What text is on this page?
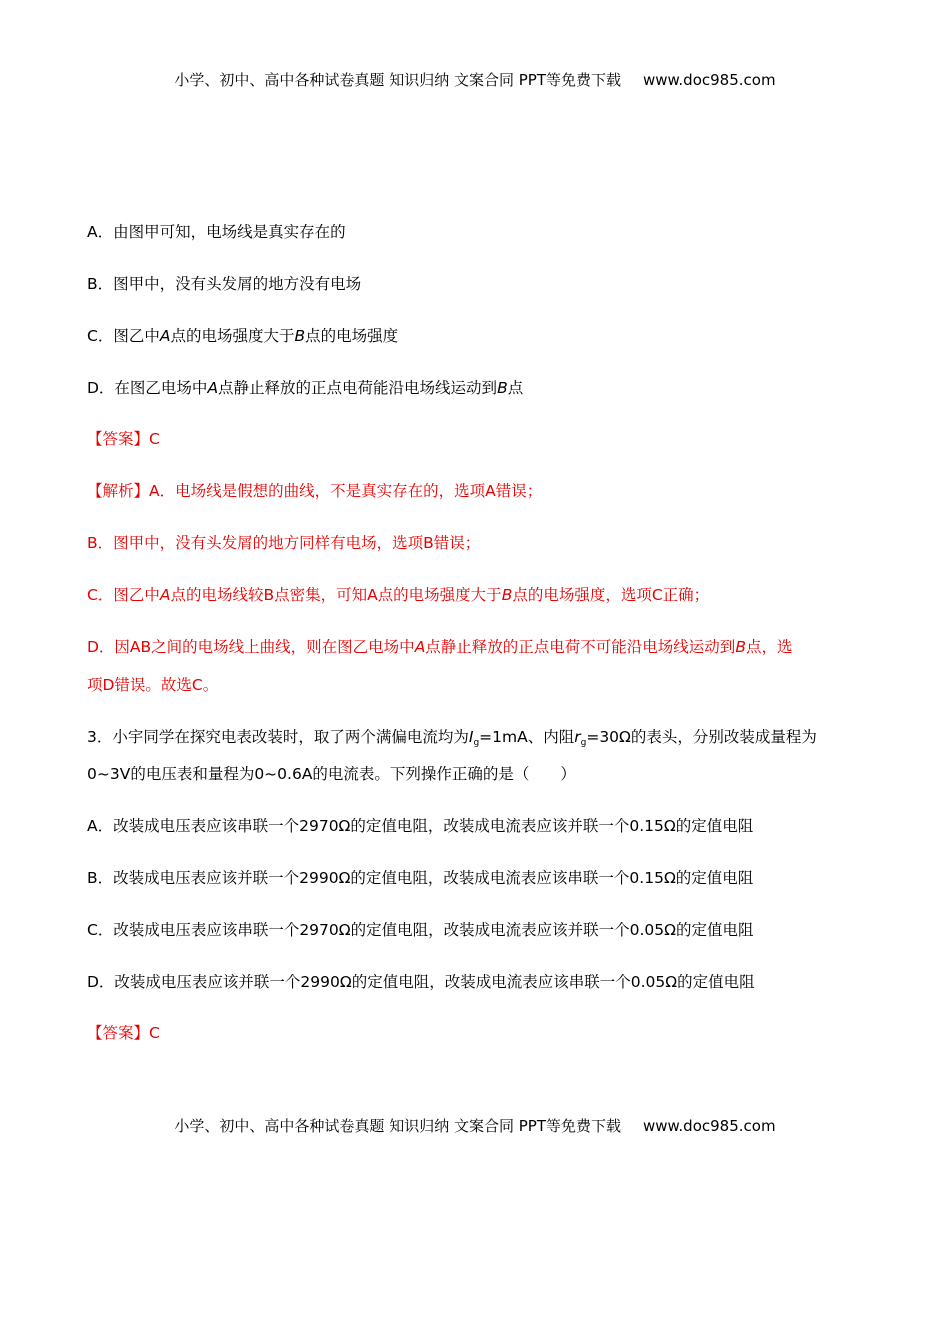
小学、初中、高中各种试卷真题 知识归纳 文案合同 PPT等免费下载 www.doc985.com
A．由图甲可知，电场线是真实存在的
B．图甲中，没有头发屑的地方没有电场
C．图乙中A点的电场强度大于B点的电场强度
D．在图乙电场中A点静止释放的正点电荷能沿电场线运动到B点
【答案】C
【解析】A．电场线是假想的曲线，不是真实存在的，选项A错误；
B．图甲中，没有头发屑的地方同样有电场，选项B错误；
C．图乙中A点的电场线较B点密集，可知A点的电场强度大于B点的电场强度，选项C正确；
D．因AB之间的电场线上曲线，则在图乙电场中A点静止释放的正点电荷不可能沿电场线运动到B点，选
项D错误。故选C。
3．小宇同学在探究电表改装时，取了两个满偏电流均为$I_g=1mA$、内阻$r_g=30\Omega$的表头，分别改装成量程为
0~3V的电压表和量程为0~0.6A的电流表。下列操作正确的是（　　）
A．改装成电压表应该串联一个2970Ω的定值电阻，改装成电流表应该并联一个0.15Ω的定值电阻
B．改装成电压表应该并联一个2990Ω的定值电阻，改装成电流表应该串联一个0.15Ω的定值电阻
C．改装成电压表应该串联一个2970Ω的定值电阻，改装成电流表应该并联一个0.05Ω的定值电阻
D．改装成电压表应该并联一个2990Ω的定值电阻，改装成电流表应该串联一个0.05Ω的定值电阻
【答案】C
小学、初中、高中各种试卷真题 知识归纳 文案合同 PPT等免费下载 www.doc985.com
